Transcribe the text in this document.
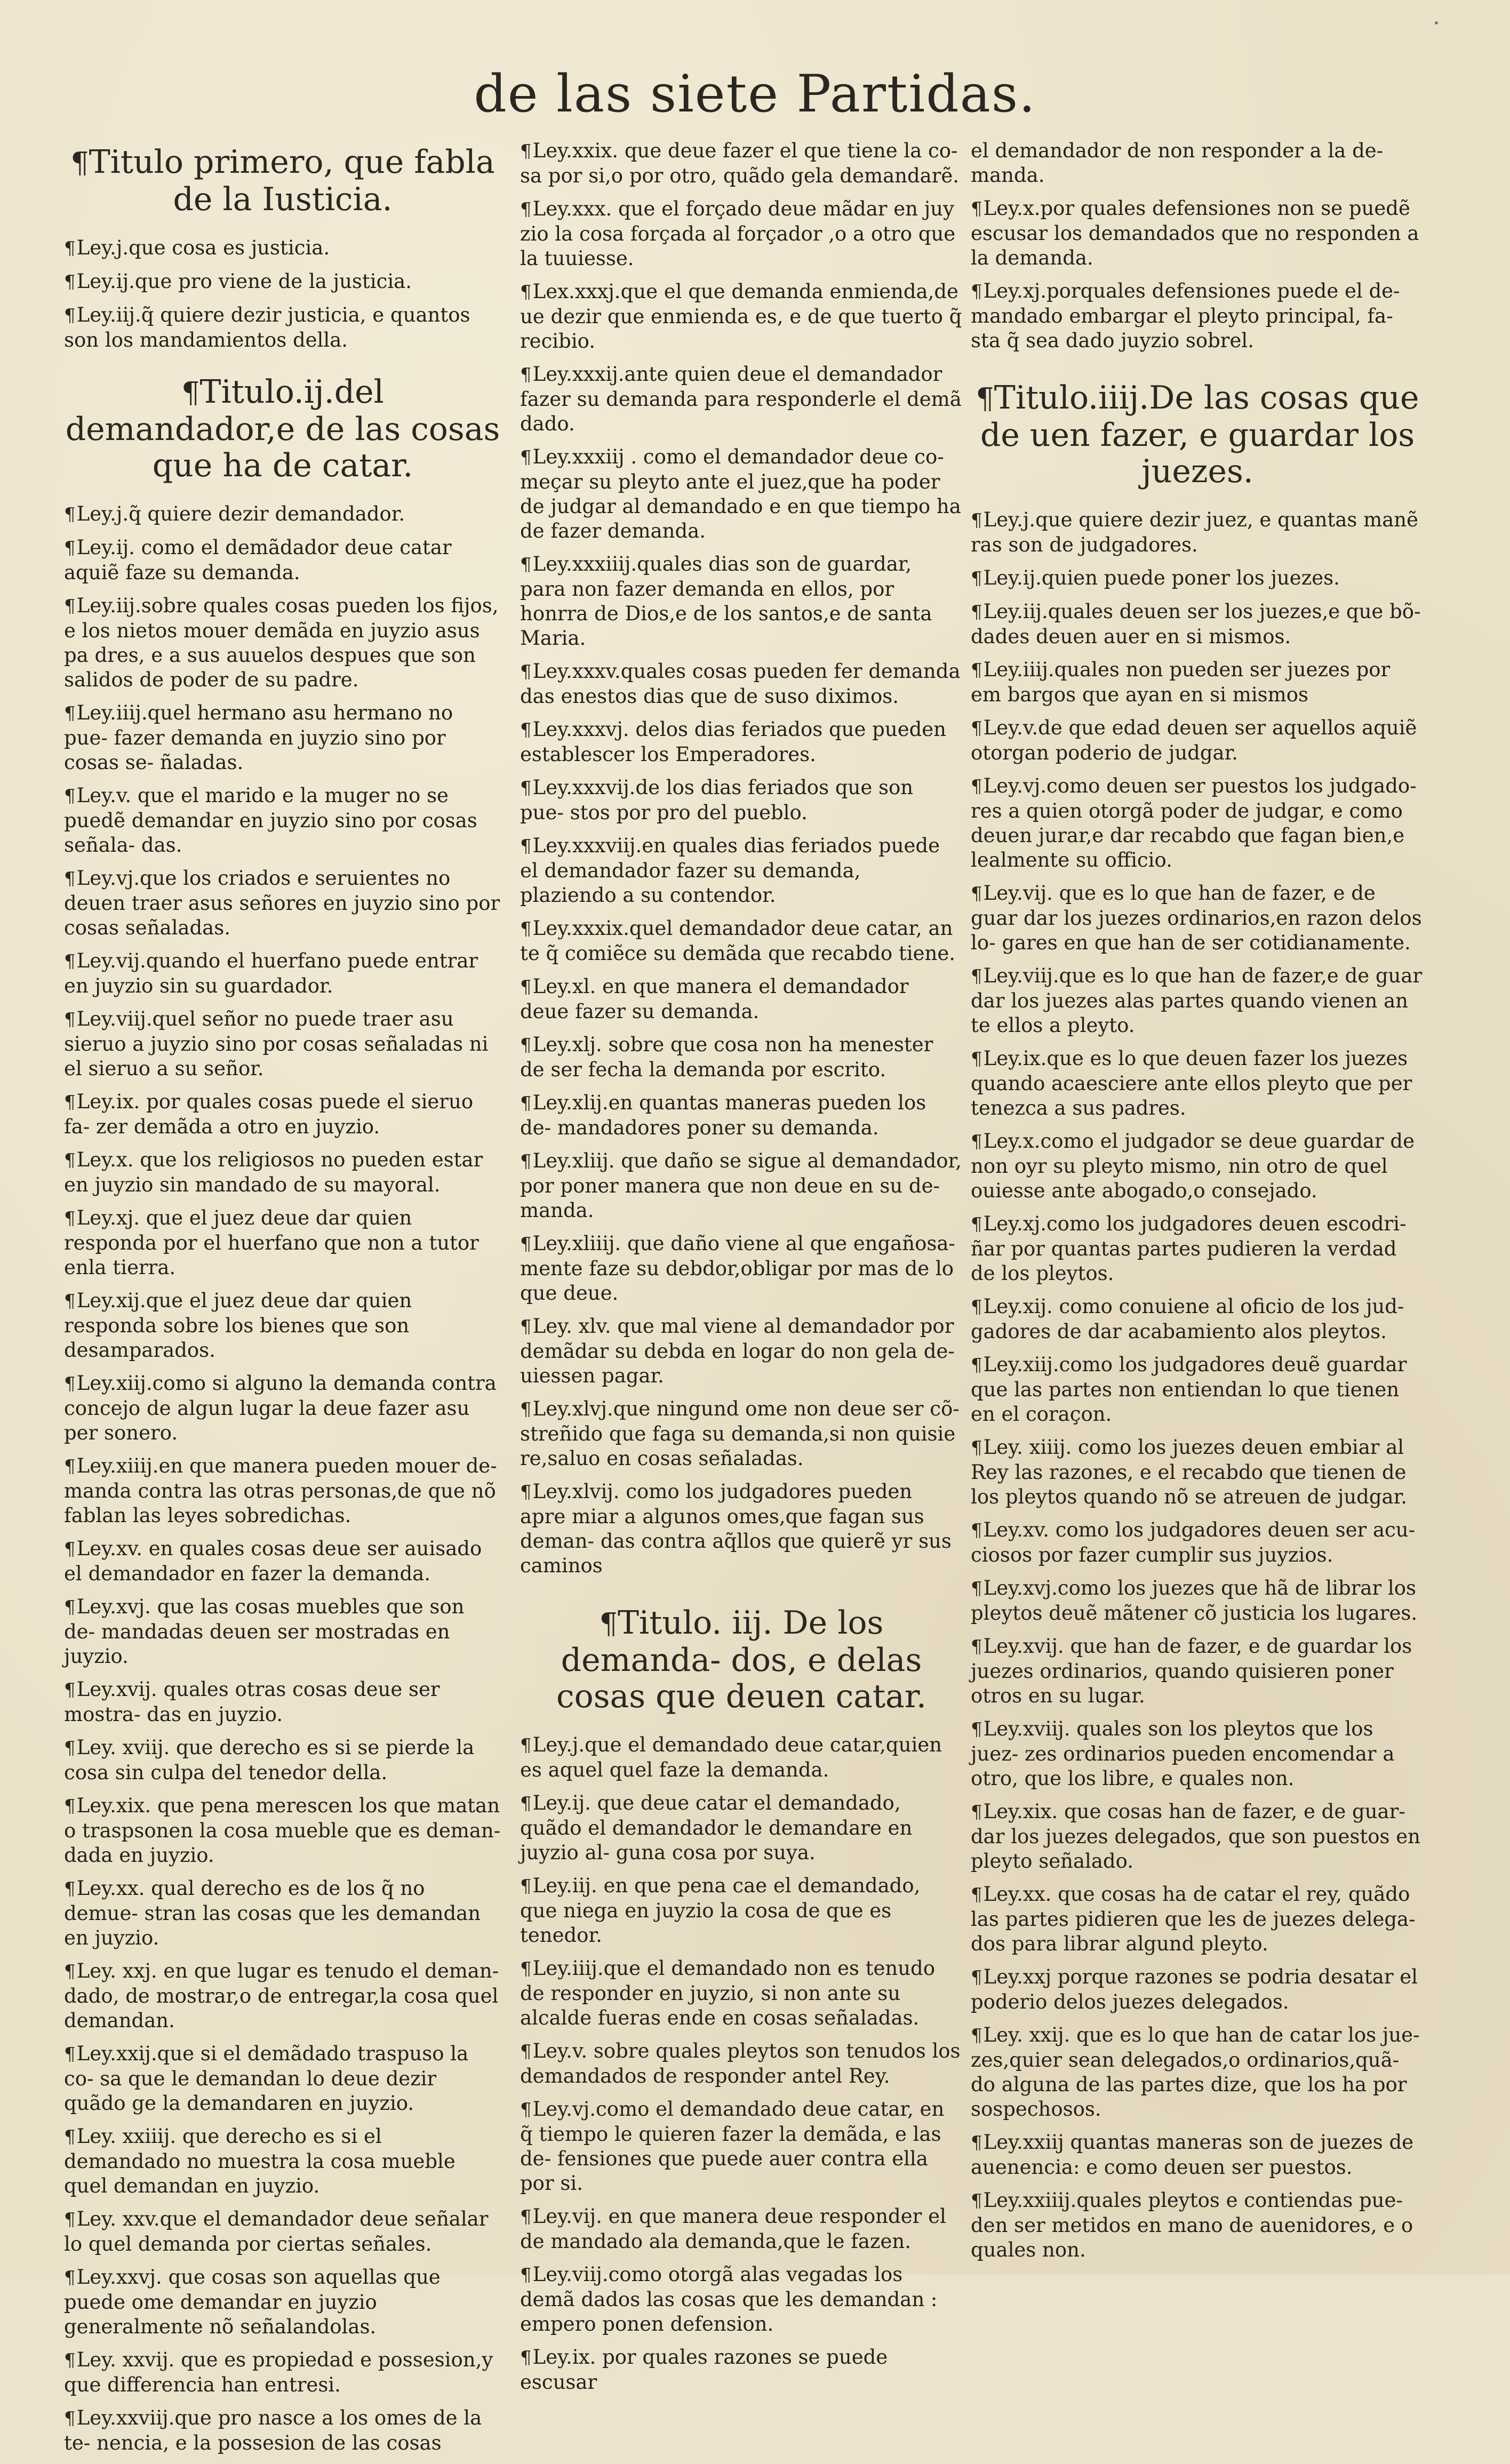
de las siete Partidas.
¶Titulo primero, que fabla de la Iusticia.
¶Ley.j.que cosa es justicia.
¶Ley.ij.que pro viene de la justicia.
¶Ley.iij.q̃ quiere dezir justicia, e quantos son los mandamientos della.
¶Titulo.ij.del demandador,e de las cosas que ha de catar.
¶Ley.j.q̃ quiere dezir demandador.
¶Ley.ij. como el demãdador deue catar aquiẽ faze su demanda.
¶Ley.iij.sobre quales cosas pueden los fijos, e los nietos mouer demãda en juyzio asus pa dres, e a sus auuelos despues que son salidos de poder de su padre.
¶Ley.iiij.quel hermano asu hermano no pue- fazer demanda en juyzio sino por cosas se- ñaladas.
¶Ley.v. que el marido e la muger no se puedẽ demandar en juyzio sino por cosas señala- das.
¶Ley.vj.que los criados e seruientes no deuen traer asus señores en juyzio sino por cosas señaladas.
¶Ley.vij.quando el huerfano puede entrar en juyzio sin su guardador.
¶Ley.viij.quel señor no puede traer asu sieruo a juyzio sino por cosas señaladas ni el sieruo a su señor.
¶Ley.ix. por quales cosas puede el sieruo fa- zer demãda a otro en juyzio.
¶Ley.x. que los religiosos no pueden estar en juyzio sin mandado de su mayoral.
¶Ley.xj. que el juez deue dar quien responda por el huerfano que non a tutor enla tierra.
¶Ley.xij.que el juez deue dar quien responda sobre los bienes que son desamparados.
¶Ley.xiij.como si alguno la demanda contra concejo de algun lugar la deue fazer asu per sonero.
¶Ley.xiiij.en que manera pueden mouer de- manda contra las otras personas,de que nõ fablan las leyes sobredichas.
¶Ley.xv. en quales cosas deue ser auisado el demandador en fazer la demanda.
¶Ley.xvj. que las cosas muebles que son de- mandadas deuen ser mostradas en juyzio.
¶Ley.xvij. quales otras cosas deue ser mostra- das en juyzio.
¶Ley. xviij. que derecho es si se pierde la cosa sin culpa del tenedor della.
¶Ley.xix. que pena merescen los que matan o traspsonen la cosa mueble que es deman- dada en juyzio.
¶Ley.xx. qual derecho es de los q̃ no demue- stran las cosas que les demandan en juyzio.
¶Ley. xxj. en que lugar es tenudo el deman- dado, de mostrar,o de entregar,la cosa quel demandan.
¶Ley.xxij.que si el demãdado traspuso la co- sa que le demandan lo deue dezir quãdo ge la demandaren en juyzio.
¶Ley. xxiiij. que derecho es si el demandado no muestra la cosa mueble quel demandan en juyzio.
¶Ley. xxv.que el demandador deue señalar lo quel demanda por ciertas señales.
¶Ley.xxvj. que cosas son aquellas que puede ome demandar en juyzio generalmente nõ señalandolas.
¶Ley. xxvij. que es propiedad e possesion,y que differencia han entresi.
¶Ley.xxviij.que pro nasce a los omes de la te- nencia, e la possesion de las cosas
¶Ley.xxix. que deue fazer el que tiene la co- sa por si,o por otro, quãdo gela demandarẽ.
¶Ley.xxx. que el forçado deue mãdar en juy zio la cosa forçada al forçador ,o a otro que la tuuiesse.
¶Lex.xxxj.que el que demanda enmienda,de ue dezir que enmienda es, e de que tuerto q̃ recibio.
¶Ley.xxxij.ante quien deue el demandador fazer su demanda para responderle el demã dado.
¶Ley.xxxiij . como el demandador deue co- meçar su pleyto ante el juez,que ha poder de judgar al demandado e en que tiempo ha de fazer demanda.
¶Ley.xxxiiij.quales dias son de guardar, para non fazer demanda en ellos, por honrra de Dios,e de los santos,e de santa Maria.
¶Ley.xxxv.quales cosas pueden fer demanda das enestos dias que de suso diximos.
¶Ley.xxxvj. delos dias feriados que pueden establescer los Emperadores.
¶Ley.xxxvij.de los dias feriados que son pue- stos por pro del pueblo.
¶Ley.xxxviij.en quales dias feriados puede el demandador fazer su demanda, plaziendo a su contendor.
¶Ley.xxxix.quel demandador deue catar, an te q̃ comiẽce su demãda que recabdo tiene.
¶Ley.xl. en que manera el demandador deue fazer su demanda.
¶Ley.xlj. sobre que cosa non ha menester de ser fecha la demanda por escrito.
¶Ley.xlij.en quantas maneras pueden los de- mandadores poner su demanda.
¶Ley.xliij. que daño se sigue al demandador, por poner manera que non deue en su de- manda.
¶Ley.xliiij. que daño viene al que engañosa- mente faze su debdor,obligar por mas de lo que deue.
¶Ley. xlv. que mal viene al demandador por demãdar su debda en logar do non gela de- uiessen pagar.
¶Ley.xlvj.que ningund ome non deue ser cõ- streñido que faga su demanda,si non quisie re,saluo en cosas señaladas.
¶Ley.xlvij. como los judgadores pueden apre miar a algunos omes,que fagan sus deman- das contra aq̃llos que quierẽ yr sus caminos
¶Titulo. iij. De los demanda- dos, e delas cosas que deuen catar.
¶Ley.j.que el demandado deue catar,quien es aquel quel faze la demanda.
¶Ley.ij. que deue catar el demandado, quãdo el demandador le demandare en juyzio al- guna cosa por suya.
¶Ley.iij. en que pena cae el demandado, que niega en juyzio la cosa de que es tenedor.
¶Ley.iiij.que el demandado non es tenudo de responder en juyzio, si non ante su alcalde fueras ende en cosas señaladas.
¶Ley.v. sobre quales pleytos son tenudos los demandados de responder antel Rey.
¶Ley.vj.como el demandado deue catar, en q̃ tiempo le quieren fazer la demãda, e las de- fensiones que puede auer contra ella por si.
¶Ley.vij. en que manera deue responder el de mandado ala demanda,que le fazen.
¶Ley.viij.como otorgã alas vegadas los demã dados las cosas que les demandan : empero ponen defension.
¶Ley.ix. por quales razones se puede escusar
el demandador de non responder a la de- manda.
¶Ley.x.por quales defensiones non se puedẽ escusar los demandados que no responden a la demanda.
¶Ley.xj.porquales defensiones puede el de- mandado embargar el pleyto principal, fa- sta q̃ sea dado juyzio sobrel.
¶Titulo.iiij.De las cosas que de uen fazer, e guardar los juezes.
¶Ley.j.que quiere dezir juez, e quantas manẽ ras son de judgadores.
¶Ley.ij.quien puede poner los juezes.
¶Ley.iij.quales deuen ser los juezes,e que bõ- dades deuen auer en si mismos.
¶Ley.iiij.quales non pueden ser juezes por em bargos que ayan en si mismos
¶Ley.v.de que edad deuen ser aquellos aquiẽ otorgan poderio de judgar.
¶Ley.vj.como deuen ser puestos los judgado- res a quien otorgã poder de judgar, e como deuen jurar,e dar recabdo que fagan bien,e lealmente su officio.
¶Ley.vij. que es lo que han de fazer, e de guar dar los juezes ordinarios,en razon delos lo- gares en que han de ser cotidianamente.
¶Ley.viij.que es lo que han de fazer,e de guar dar los juezes alas partes quando vienen an te ellos a pleyto.
¶Ley.ix.que es lo que deuen fazer los juezes quando acaesciere ante ellos pleyto que per tenezca a sus padres.
¶Ley.x.como el judgador se deue guardar de non oyr su pleyto mismo, nin otro de quel ouiesse ante abogado,o consejado.
¶Ley.xj.como los judgadores deuen escodri- ñar por quantas partes pudieren la verdad de los pleytos.
¶Ley.xij. como conuiene al oficio de los jud- gadores de dar acabamiento alos pleytos.
¶Ley.xiij.como los judgadores deuẽ guardar que las partes non entiendan lo que tienen en el coraçon.
¶Ley. xiiij. como los juezes deuen embiar al Rey las razones, e el recabdo que tienen de los pleytos quando nõ se atreuen de judgar.
¶Ley.xv. como los judgadores deuen ser acu- ciosos por fazer cumplir sus juyzios.
¶Ley.xvj.como los juezes que hã de librar los pleytos deuẽ mãtener cõ justicia los lugares.
¶Ley.xvij. que han de fazer, e de guardar los juezes ordinarios, quando quisieren poner otros en su lugar.
¶Ley.xviij. quales son los pleytos que los juez- zes ordinarios pueden encomendar a otro, que los libre, e quales non.
¶Ley.xix. que cosas han de fazer, e de guar- dar los juezes delegados, que son puestos en pleyto señalado.
¶Ley.xx. que cosas ha de catar el rey, quãdo las partes pidieren que les de juezes delega- dos para librar algund pleyto.
¶Ley.xxj porque razones se podria desatar el poderio delos juezes delegados.
¶Ley. xxij. que es lo que han de catar los jue- zes,quier sean delegados,o ordinarios,quã- do alguna de las partes dize, que los ha por sospechosos.
¶Ley.xxiij quantas maneras son de juezes de auenencia: e como deuen ser puestos.
¶Ley.xxiiij.quales pleytos e contiendas pue- den ser metidos en mano de auenidores, e o quales non.
